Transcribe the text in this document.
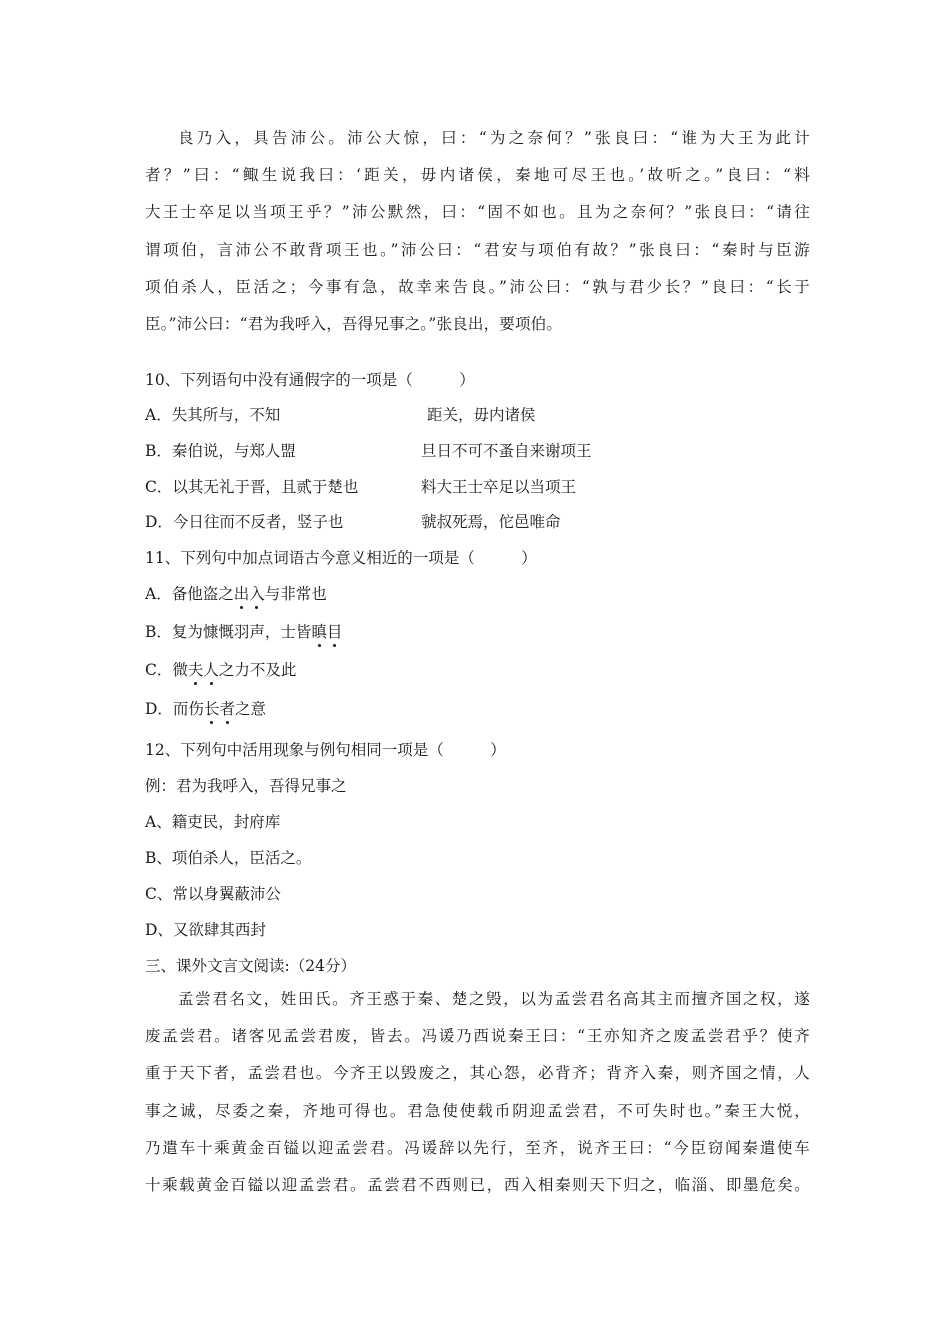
良乃入，具告沛公。沛公大惊，曰：“为之奈何？”张良曰：“谁为大王为此计

者？”曰：“鲰生说我曰：‘距关，毋内诸侯，秦地可尽王也。’故听之。”良曰：“料

大王士卒足以当项王乎？”沛公默然，曰：“固不如也。且为之奈何？”张良曰：“请往

谓项伯，言沛公不敢背项王也。”沛公曰：“君安与项伯有故？”张良曰：“秦时与臣游

项伯杀人，臣活之；今事有急，故幸来告良。”沛公曰：“孰与君少长？”良曰：“长于

臣。”沛公曰：“君为我呼入，吾得兄事之。”张良出，要项伯。

10、下列语句中没有通假字的一项是（　　　）
A．失其所与，不知	距关，毋内诸侯
B．秦伯说，与郑人盟	旦日不可不蚤自来谢项王
C．以其无礼于晋，且贰于楚也	料大王士卒足以当项王
D．今日往而不反者，竖子也	虢叔死焉，佗邑唯命
11、下列句中加点词语古今意义相近的一项是（　　　）
A．备他盗之出入与非常也
B．复为慷慨羽声，士皆瞋目
C．微夫人之力不及此
D．而伤长者之意
12、下列句中活用现象与例句相同一项是（　　　）
例：君为我呼入，吾得兄事之
A、籍吏民，封府库
B、项伯杀人，臣活之。
C、常以身翼蔽沛公
D、又欲肆其西封
三、课外文言文阅读:（24分）

孟尝君名文，姓田氏。齐王惑于秦、楚之毁，以为孟尝君名高其主而擅齐国之权，遂

废孟尝君。诸客见孟尝君废，皆去。冯谖乃西说秦王曰：“王亦知齐之废孟尝君乎？使齐

重于天下者，孟尝君也。今齐王以毁废之，其心怨，必背齐；背齐入秦，则齐国之情，人

事之诚，尽委之秦，齐地可得也。君急使使载币阴迎孟尝君，不可失时也。”秦王大悦，

乃遣车十乘黄金百镒以迎孟尝君。冯谖辞以先行，至齐，说齐王曰：“今臣窃闻秦遣使车

十乘载黄金百镒以迎孟尝君。孟尝君不西则已，西入相秦则天下归之，临淄、即墨危矣。
